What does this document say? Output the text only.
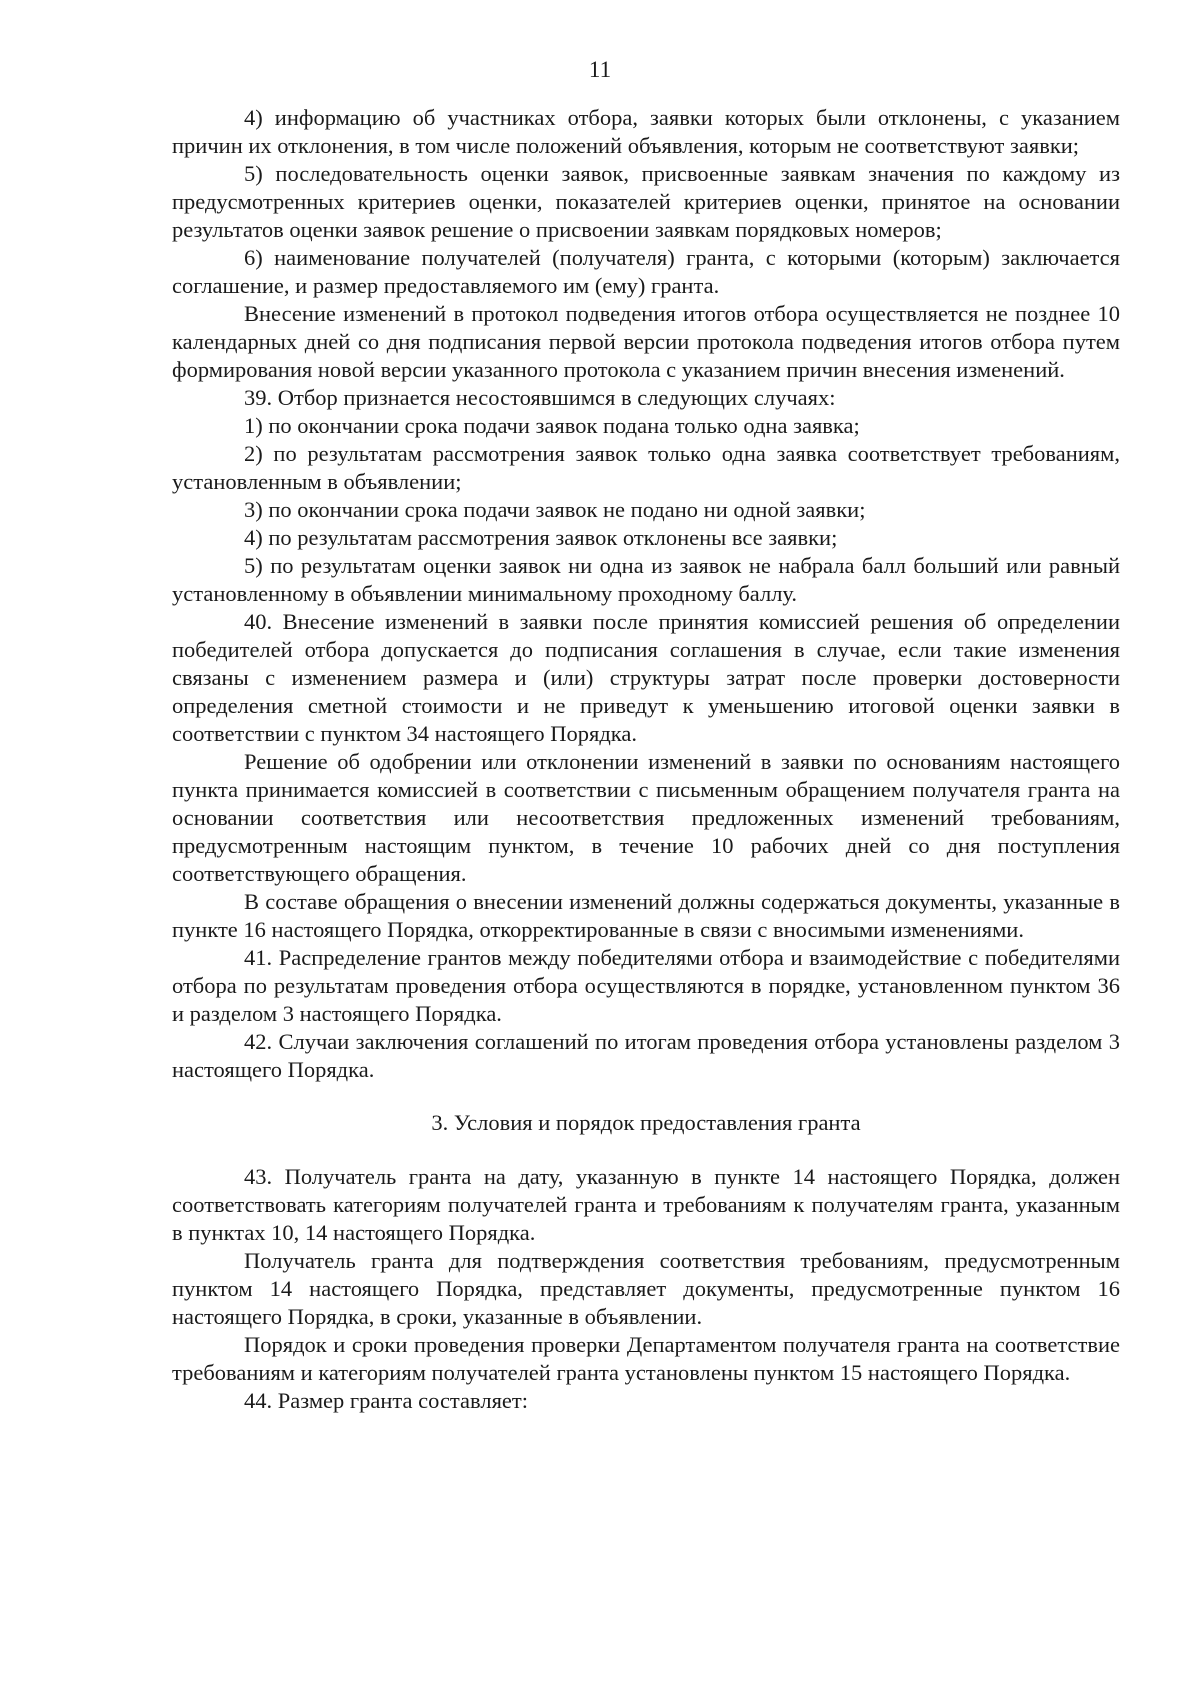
11

4) информацию об участниках отбора, заявки которых были отклонены, с указанием причин их отклонения, в том числе положений объявления, которым не соответствуют заявки;

5) последовательность оценки заявок, присвоенные заявкам значения по каждому из предусмотренных критериев оценки, показателей критериев оценки, принятое на основании результатов оценки заявок решение о присвоении заявкам порядковых номеров;

6) наименование получателей (получателя) гранта, с которыми (которым) заключается соглашение, и размер предоставляемого им (ему) гранта.

Внесение изменений в протокол подведения итогов отбора осуществляется не позднее 10 календарных дней со дня подписания первой версии протокола подведения итогов отбора путем формирования новой версии указанного протокола с указанием причин внесения изменений.

39. Отбор признается несостоявшимся в следующих случаях:

1) по окончании срока подачи заявок подана только одна заявка;

2) по результатам рассмотрения заявок только одна заявка соответствует требованиям, установленным в объявлении;

3) по окончании срока подачи заявок не подано ни одной заявки;

4) по результатам рассмотрения заявок отклонены все заявки;

5) по результатам оценки заявок ни одна из заявок не набрала балл больший или равный установленному в объявлении минимальному проходному баллу.

40. Внесение изменений в заявки после принятия комиссией решения об определении победителей отбора допускается до подписания соглашения в случае, если такие изменения связаны с изменением размера и (или) структуры затрат после проверки достоверности определения сметной стоимости и не приведут к уменьшению итоговой оценки заявки в соответствии с пунктом 34 настоящего Порядка.

Решение об одобрении или отклонении изменений в заявки по основаниям настоящего пункта принимается комиссией в соответствии с письменным обращением получателя гранта на основании соответствия или несоответствия предложенных изменений требованиям, предусмотренным настоящим пунктом, в течение 10 рабочих дней со дня поступления соответствующего обращения.

В составе обращения о внесении изменений должны содержаться документы, указанные в пункте 16 настоящего Порядка, откорректированные в связи с вносимыми изменениями.

41. Распределение грантов между победителями отбора и взаимодействие с победителями отбора по результатам проведения отбора осуществляются в порядке, установленном пунктом 36 и разделом 3 настоящего Порядка.

42. Случаи заключения соглашений по итогам проведения отбора установлены разделом 3 настоящего Порядка.

3. Условия и порядок предоставления гранта

43. Получатель гранта на дату, указанную в пункте 14 настоящего Порядка, должен соответствовать категориям получателей гранта и требованиям к получателям гранта, указанным в пунктах 10, 14 настоящего Порядка.

Получатель гранта для подтверждения соответствия требованиям, предусмотренным пунктом 14 настоящего Порядка, представляет документы, предусмотренные пунктом 16 настоящего Порядка, в сроки, указанные в объявлении.

Порядок и сроки проведения проверки Департаментом получателя гранта на соответствие требованиям и категориям получателей гранта установлены пунктом 15 настоящего Порядка.

44. Размер гранта составляет:
